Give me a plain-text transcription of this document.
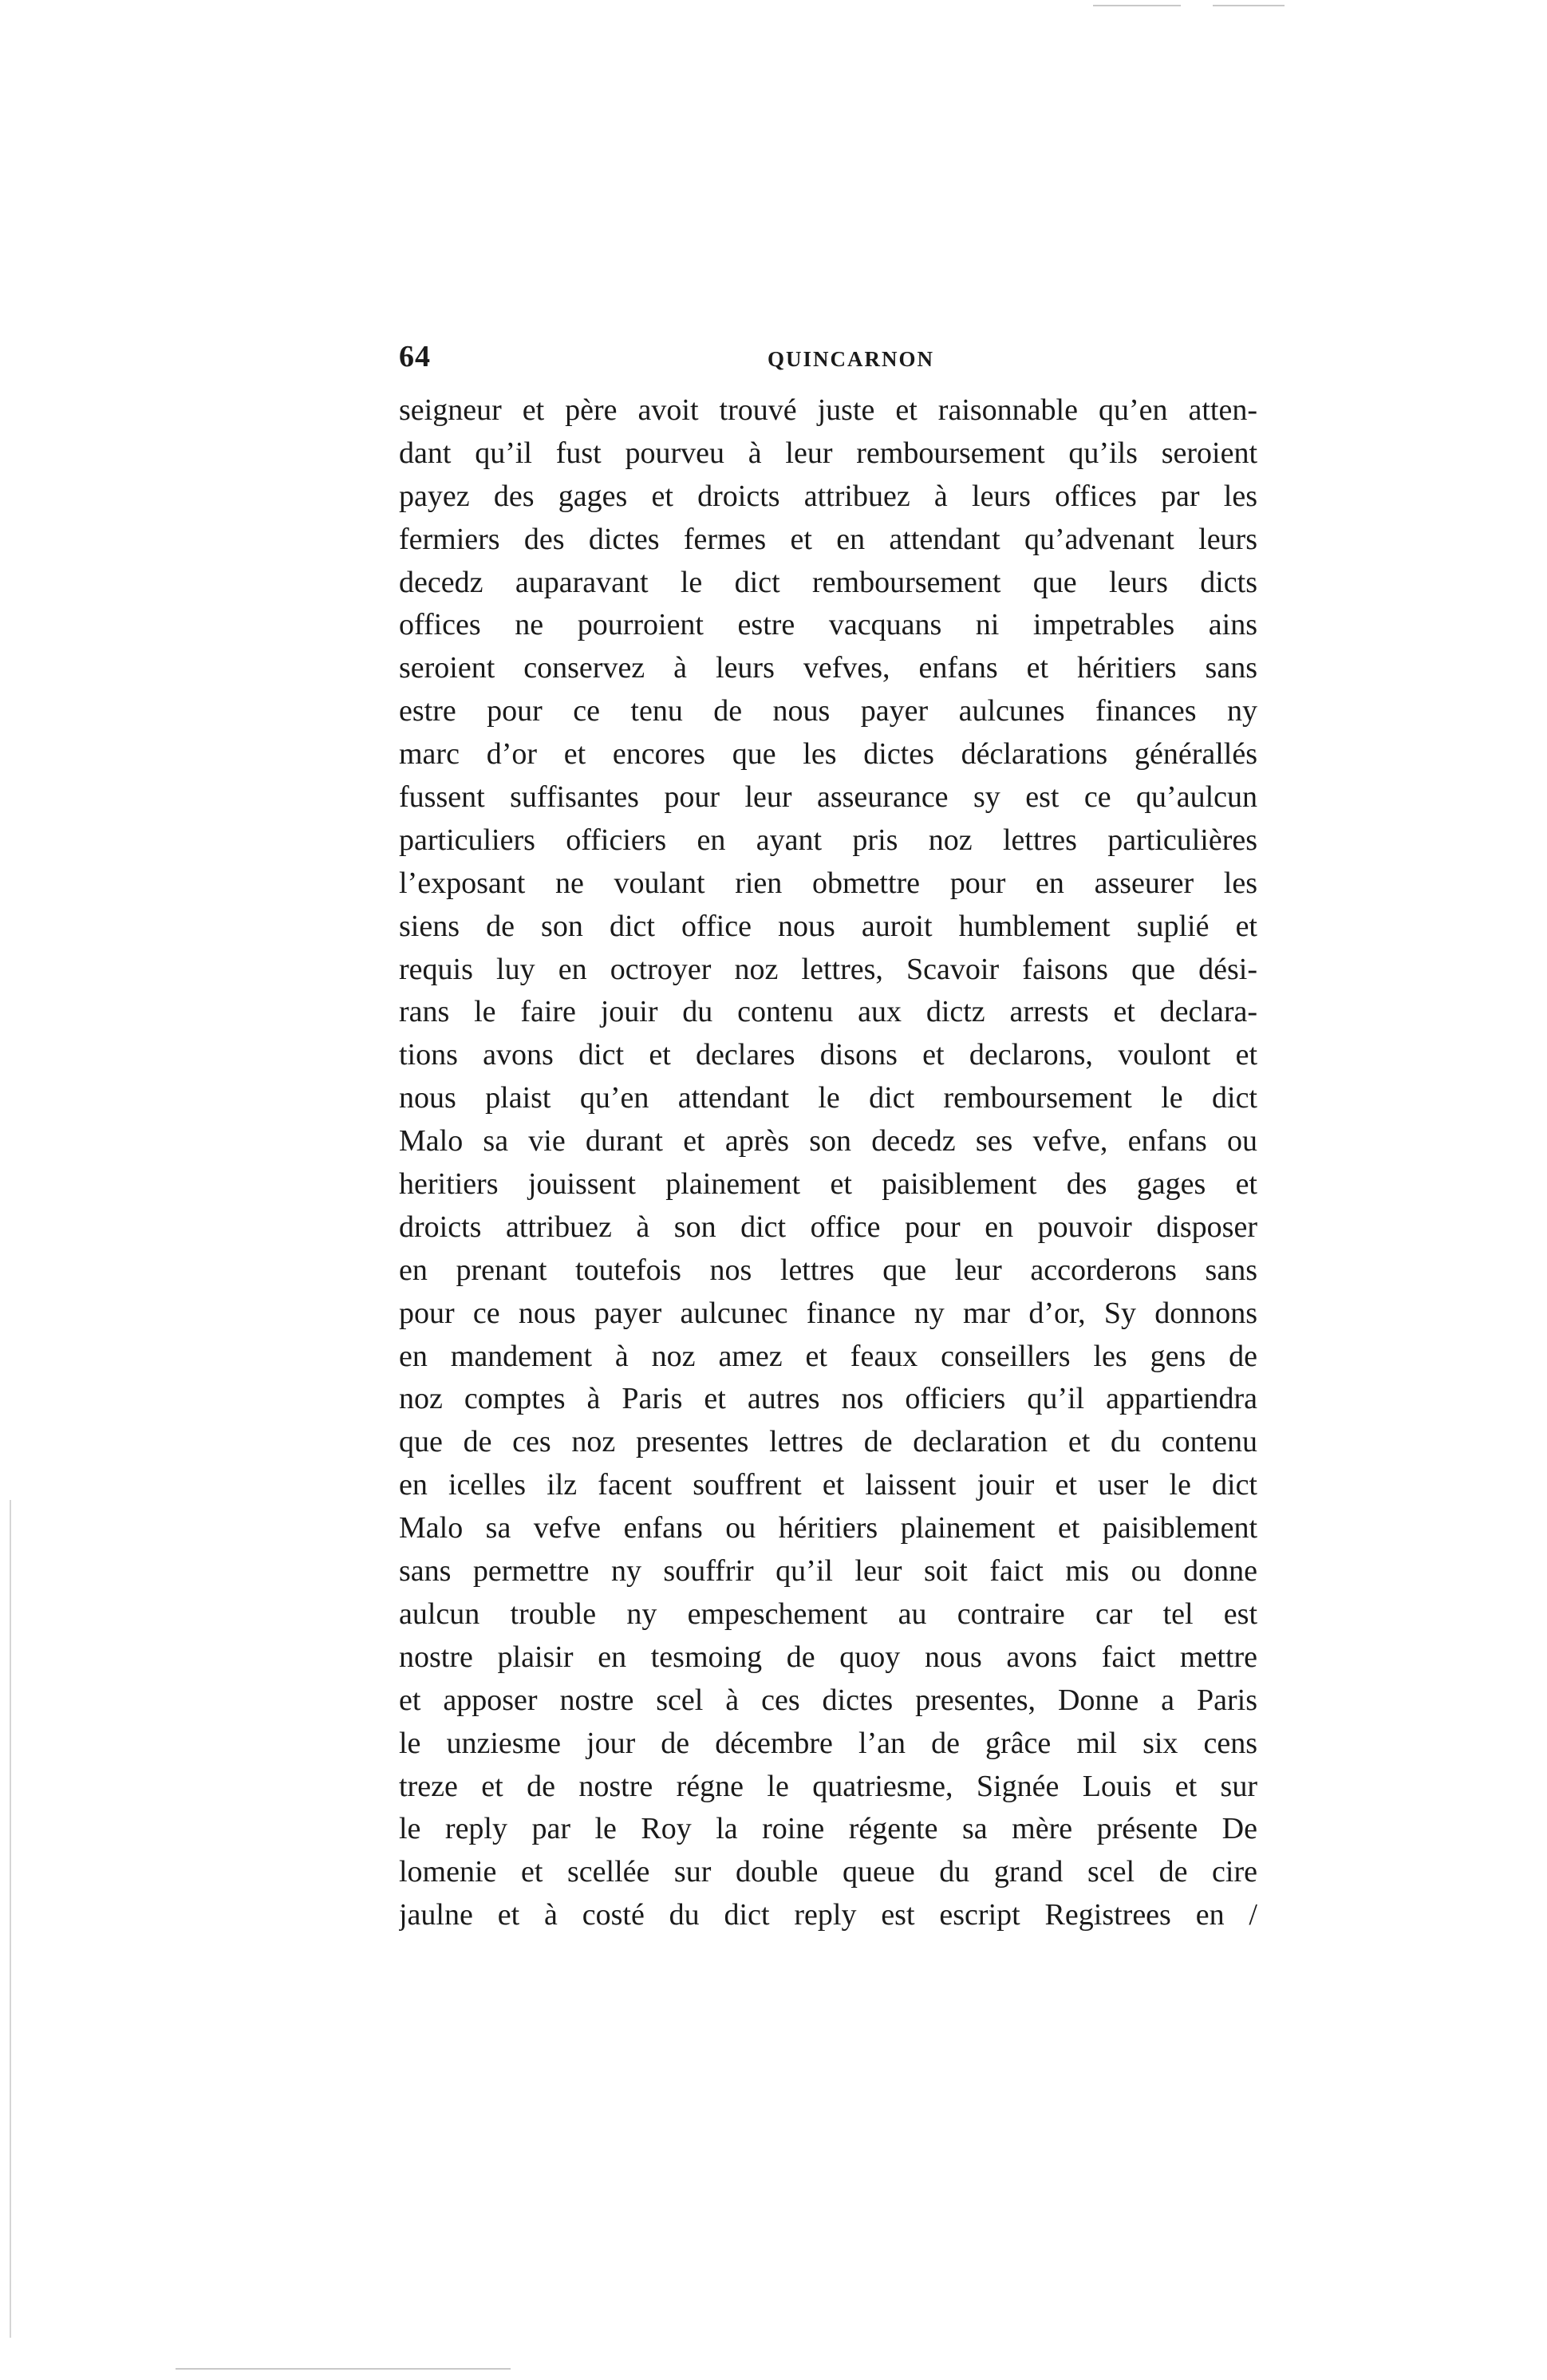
64	QUINCARNON
seigneur et père avoit trouvé juste et raisonnable qu’en atten-
dant qu’il fust pourveu à leur remboursement qu’ils seroient
payez des gages et droicts attribuez à leurs offices par les
fermiers des dictes fermes et en attendant qu’advenant leurs
decedz auparavant le dict remboursement que leurs dicts
offices ne pourroient estre vacquans ni impetrables ains
seroient conservez à leurs vefves, enfans et héritiers sans
estre pour ce tenu de nous payer aulcunes finances ny
marc d’or et encores que les dictes déclarations générallés
fussent suffisantes pour leur asseurance sy est ce qu’aulcun
particuliers officiers en ayant pris noz lettres particulières
l’exposant ne voulant rien obmettre pour en asseurer les
siens de son dict office nous auroit humblement suplié et
requis luy en octroyer noz lettres, Scavoir faisons que dési-
rans le faire jouir du contenu aux dictz arrests et declara-
tions avons dict et declares disons et declarons, voulont et
nous plaist qu’en attendant le dict remboursement le dict
Malo sa vie durant et après son decedz ses vefve, enfans ou
heritiers jouissent plainement et paisiblement des gages et
droicts attribuez à son dict office pour en pouvoir disposer
en prenant toutefois nos lettres que leur accorderons sans
pour ce nous payer aulcunec finance ny mar d’or, Sy donnons
en mandement à noz amez et feaux conseillers les gens de
noz comptes à Paris et autres nos officiers qu’il appartiendra
que de ces noz presentes lettres de declaration et du contenu
en icelles ilz facent souffrent et laissent jouir et user le dict
Malo sa vefve enfans ou héritiers plainement et paisiblement
sans permettre ny souffrir qu’il leur soit faict mis ou donne
aulcun trouble ny empeschement au contraire car tel est
nostre plaisir en tesmoing de quoy nous avons faict mettre
et apposer nostre scel à ces dictes presentes, Donne a Paris
le unziesme jour de décembre l’an de grâce mil six cens
treze et de nostre régne le quatriesme, Signée Louis et sur
le reply par le Roy la roine régente sa mère présente De
lomenie et scellée sur double queue du grand scel de cire
jaulne et à costé du dict reply est escript Registrees en /
